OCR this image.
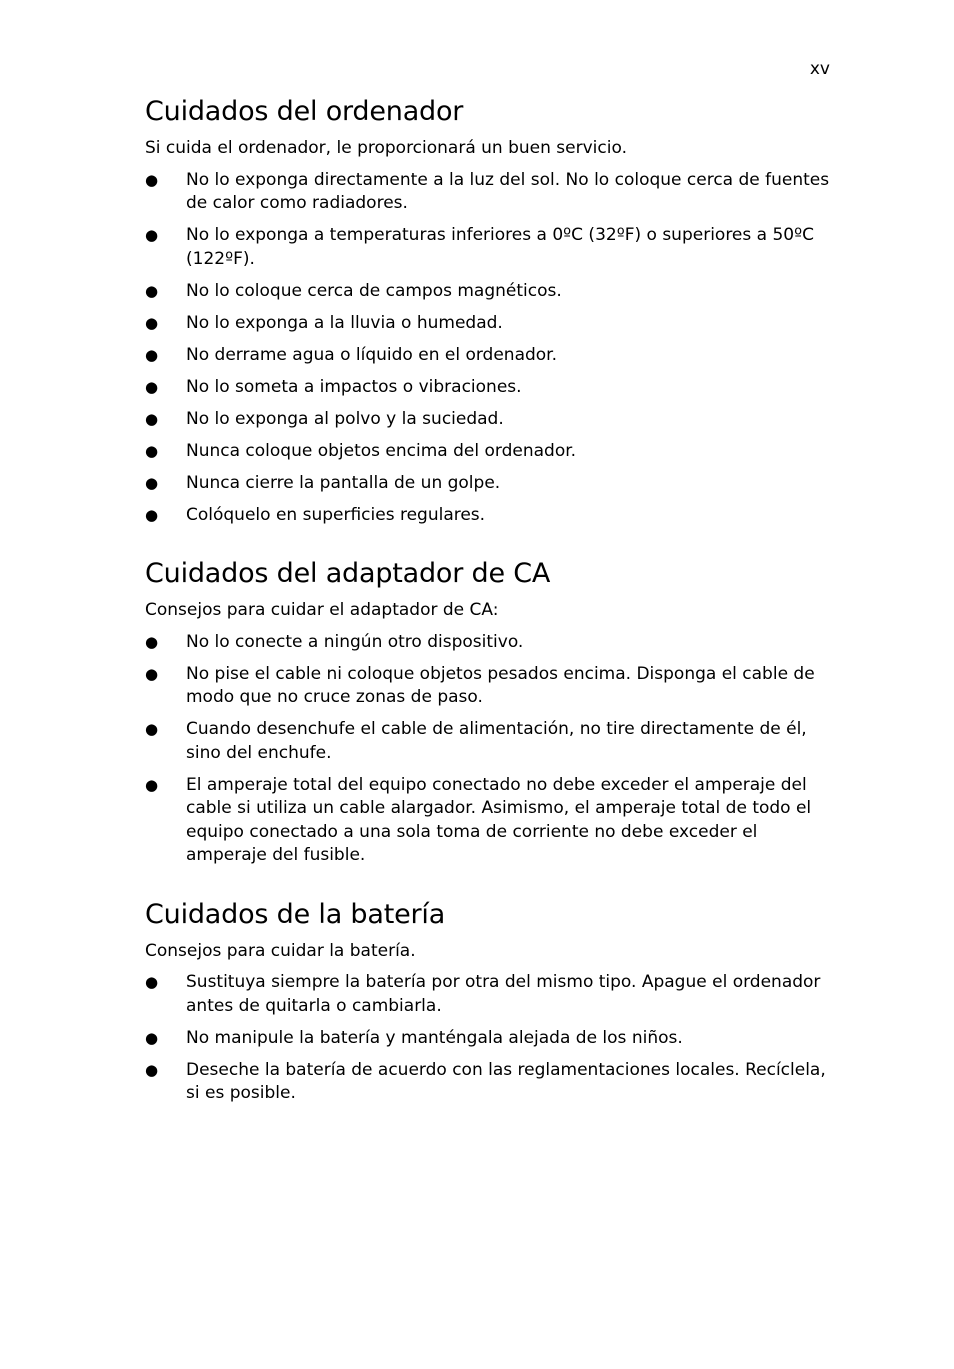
xv
Cuidados del ordenador

Si cuida el ordenador, le proporcionará un buen servicio.

● No lo exponga directamente a la luz del sol. No lo coloque cerca de fuentes de calor como radiadores.
● No lo exponga a temperaturas inferiores a 0ºC (32ºF) o superiores a 50ºC (122ºF).
● No lo coloque cerca de campos magnéticos.
● No lo exponga a la lluvia o humedad.
● No derrame agua o líquido en el ordenador.
● No lo someta a impactos o vibraciones.
● No lo exponga al polvo y la suciedad.
● Nunca coloque objetos encima del ordenador.
● Nunca cierre la pantalla de un golpe.
● Colóquelo en superficies regulares.
Cuidados del adaptador de CA

Consejos para cuidar el adaptador de CA:

● No lo conecte a ningún otro dispositivo.
● No pise el cable ni coloque objetos pesados encima. Disponga el cable de modo que no cruce zonas de paso.
● Cuando desenchufe el cable de alimentación, no tire directamente de él, sino del enchufe.
● El amperaje total del equipo conectado no debe exceder el amperaje del cable si utiliza un cable alargador. Asimismo, el amperaje total de todo el equipo conectado a una sola toma de corriente no debe exceder el amperaje del fusible.
Cuidados de la batería

Consejos para cuidar la batería.

● Sustituya siempre la batería por otra del mismo tipo. Apague el ordenador antes de quitarla o cambiarla.
● No manipule la batería y manténgala alejada de los niños.
● Deseche la batería de acuerdo con las reglamentaciones locales. Recíclela, si es posible.
